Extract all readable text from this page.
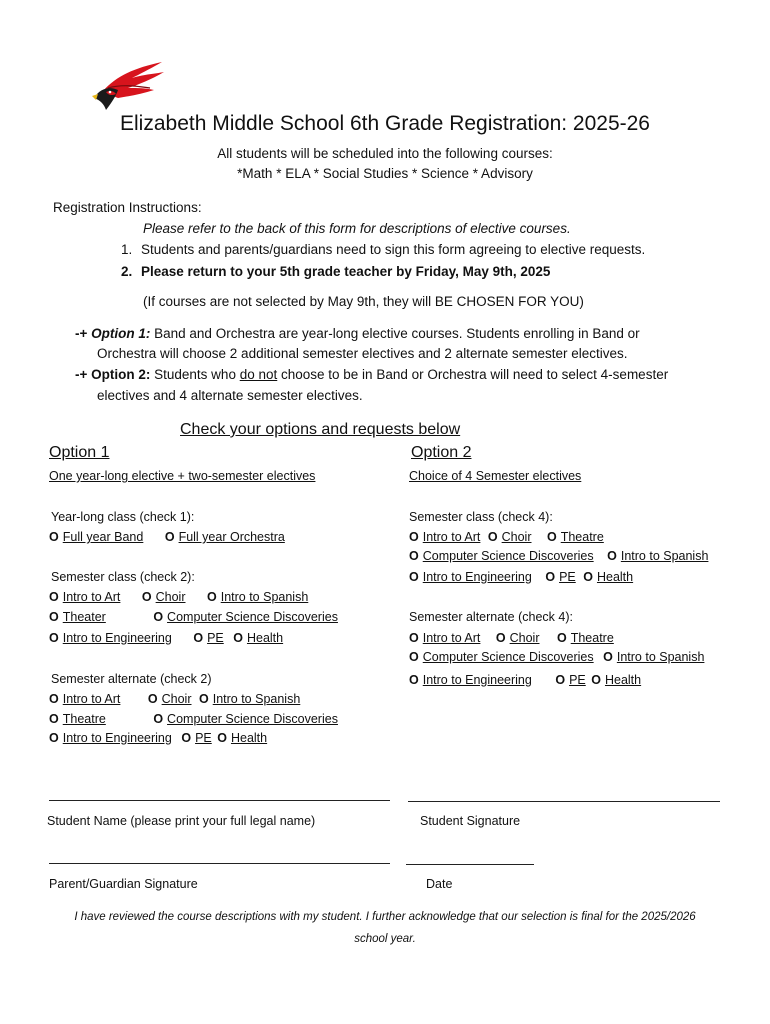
Elizabeth Middle School 6th Grade Registration: 2025-26
All students will be scheduled into the following courses:
*Math * ELA * Social Studies * Science * Advisory
Registration Instructions:
Please refer to the back of this form for descriptions of elective courses.
1. Students and parents/guardians need to sign this form agreeing to elective requests.
2. Please return to your 5th grade teacher by Friday, May 9th, 2025
(If courses are not selected by May 9th, they will BE CHOSEN FOR YOU)
-+ Option 1: Band and Orchestra are year-long elective courses. Students enrolling in Band or
Orchestra will choose 2 additional semester electives and 2 alternate semester electives.
-+ Option 2: Students who do not choose to be in Band or Orchestra will need to select 4-semester
electives and 4 alternate semester electives.
Check your options and requests below
Option 1
One year-long elective + two-semester electives
Year-long class (check 1):
O Full year Band O Full year Orchestra
Semester class (check 2):
O Intro to Art O Choir O Intro to Spanish
O Theater	O Computer Science Discoveries
O Intro to Engineering O PE O Health
Semester alternate (check 2)
O Intro to Art O Choir O Intro to Spanish
O Theatre	O Computer Science Discoveries
O Intro to Engineering O PE O Health
Option 2
Choice of 4 Semester electives
Semester class (check 4):
O Intro to Art O Choir O Theatre
O Computer Science Discoveries O Intro to Spanish
O Intro to Engineering O PE O Health
Semester alternate (check 4):
O Intro to Art O Choir O Theatre
O Computer Science Discoveries O Intro to Spanish
O Intro to Engineering O PE O Health
Student Name (please print your full legal name)	Student Signature
Parent/Guardian Signature	Date
I have reviewed the course descriptions with my student. I further acknowledge that our selection is final for the 2025/2026
school year.
